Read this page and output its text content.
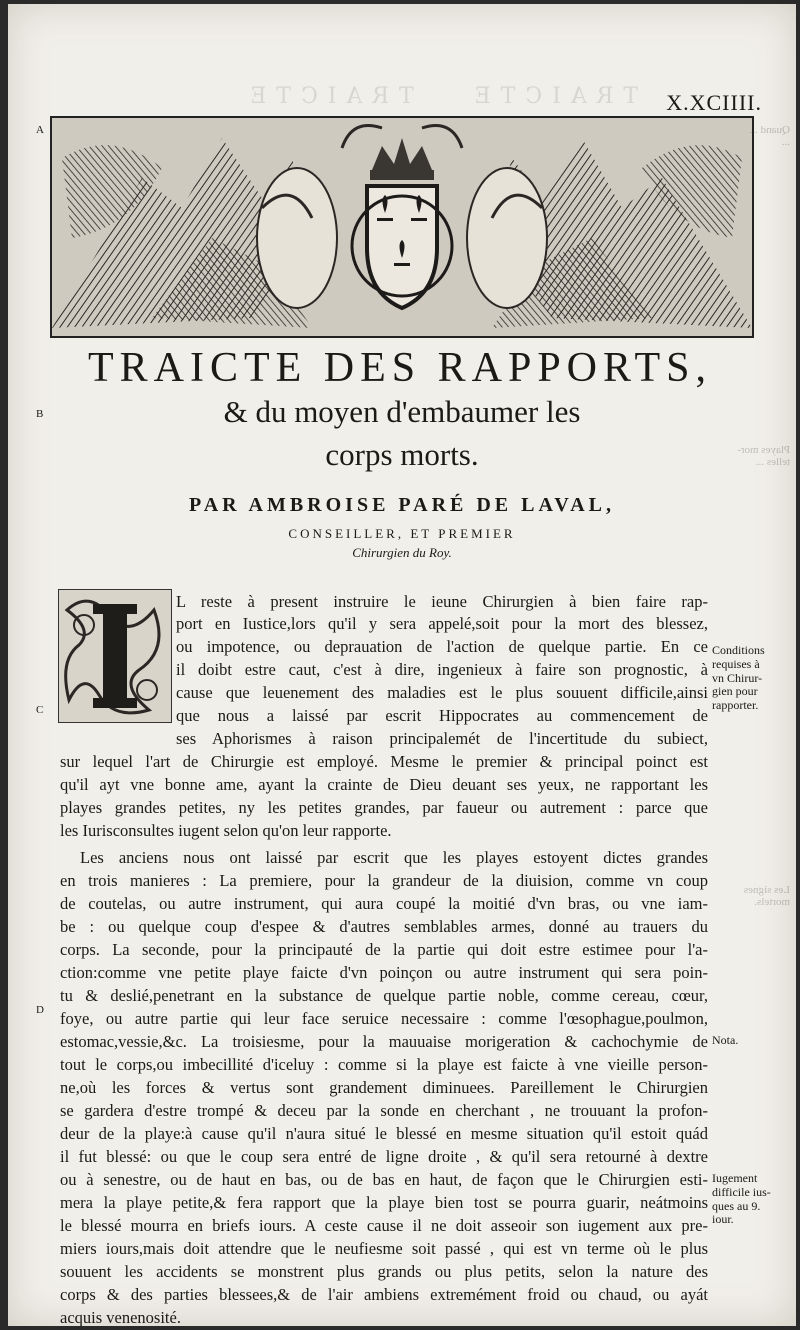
TRAICTE   TRAICTE X.XCIIII.
A
B
C
D
TRAICTE DES RAPPORTS,
& du moyen d'embaumer les
corps morts.
PAR AMBROISE PARÉ DE LAVAL,
CONSEILLER, ET PREMIER
Chirurgien du Roy.
L reste à present instruire le ieune Chirurgien à bien faire rap-
port en Iustice,lors qu'il y sera appelé,soit pour la mort des blessez,
ou impotence, ou deprauation de l'action de quelque partie. En ce
il doibt estre caut, c'est à dire, ingenieux à faire son prognostic, à
cause que leuenement des maladies est le plus souuent difficile,ainsi
que nous a laissé par escrit Hippocrates au commencement de
ses Aphorismes à raison principalemét de l'incertitude du subiect,
sur lequel l'art de Chirurgie est employé. Mesme le premier & principal poinct est
qu'il ayt vne bonne ame, ayant la crainte de Dieu deuant ses yeux, ne rapportant les
playes grandes petites, ny les petites grandes, par faueur ou autrement : parce que
les Iurisconsultes iugent selon qu'on leur rapporte.
Les anciens nous ont laissé par escrit que les playes estoyent dictes grandes
en trois manieres : La premiere, pour la grandeur de la diuision, comme vn coup
de coutelas, ou autre instrument, qui aura coupé la moitié d'vn bras, ou vne iam-
be : ou quelque coup d'espee & d'autres semblables armes, donné au trauers du
corps. La seconde, pour la principauté de la partie qui doit estre estimee pour l'a-
ction:comme vne petite playe faicte d'vn poinçon ou autre instrument qui sera poin-
tu & deslié,penetrant en la substance de quelque partie noble, comme cereau, cœur,
foye, ou autre partie qui leur face seruice necessaire : comme l'œsophague,poulmon,
estomac,vessie,&c. La troisiesme, pour la mauuaise morigeration & cachochymie de
tout le corps,ou imbecillité d'iceluy : comme si la playe est faicte à vne vieille person-
ne,où les forces & vertus sont grandement diminuees. Pareillement le Chirurgien
se gardera d'estre trompé & deceu par la sonde en cherchant , ne trouuant la profon-
deur de la playe:à cause qu'il n'aura situé le blessé en mesme situation qu'il estoit quád
il fut blessé: ou que le coup sera entré de ligne droite , & qu'il sera retourné à dextre
ou à senestre, ou de haut en bas, ou de bas en haut, de façon que le Chirurgien esti-
mera la playe petite,& fera rapport que la playe bien tost se pourra guarir, neátmoins
le blessé mourra en briefs iours. A ceste cause il ne doit asseoir son iugement aux pre-
miers iours,mais doit attendre que le neufiesme soit passé , qui est vn terme où le plus
souuent les accidents se monstrent plus grands ou plus petits, selon la nature des
corps & des parties blessees,& de l'air ambiens extremément froid ou chaud, ou ayát
acquis venenosité.
Conditions
requises à
vn Chirur-
gien pour
rapporter.
Nota.
Iugement
difficile ius-
ques au 9.
iour.
Quand ...
...
Playes mor-
telles ...
Les signes
mortels.
